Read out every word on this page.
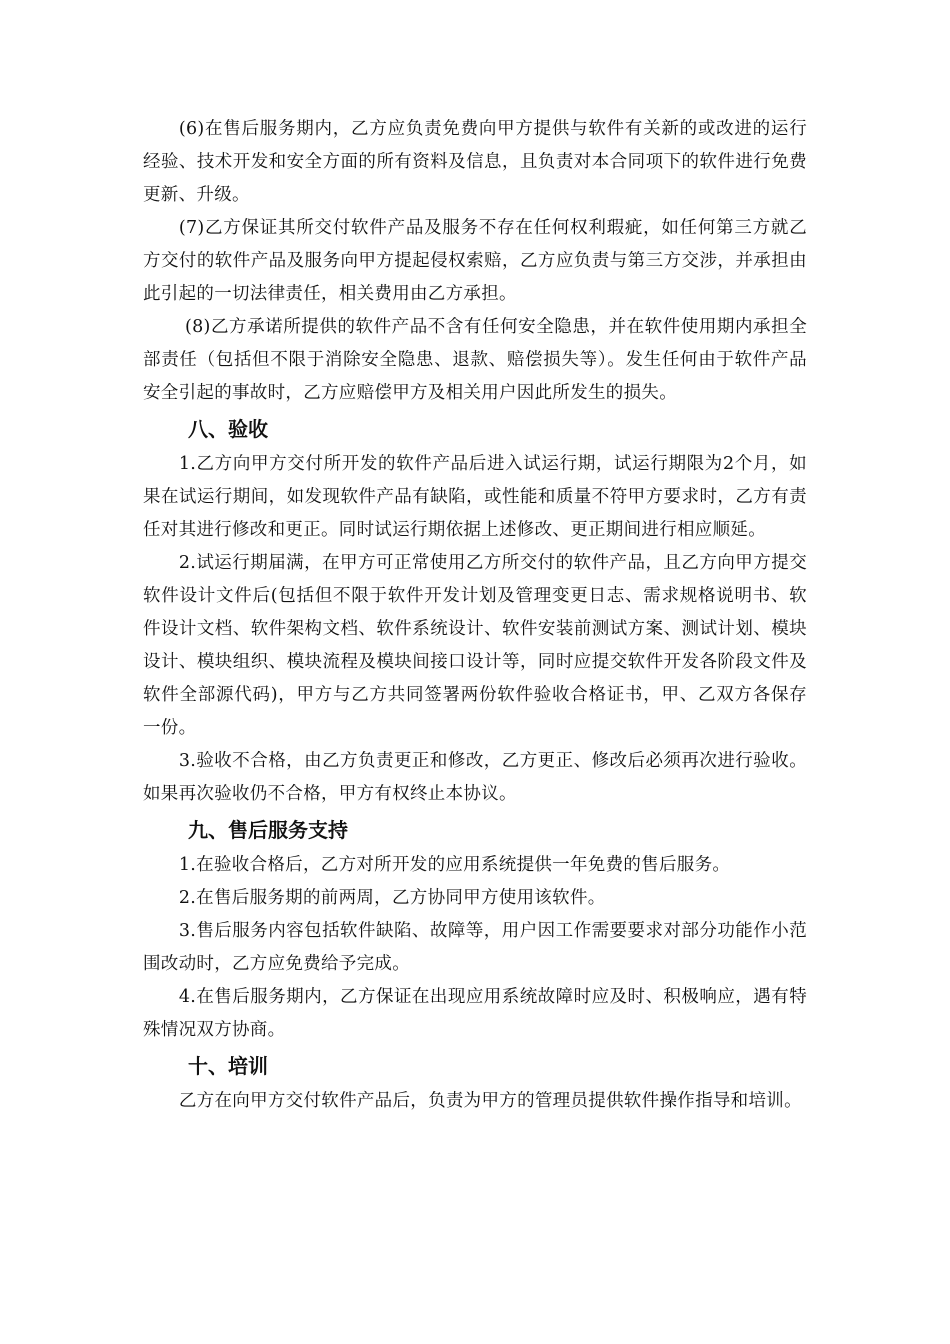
(6)在售后服务期内，乙方应负责免费向甲方提供与软件有关新的或改进的运行经验、技术开发和安全方面的所有资料及信息，且负责对本合同项下的软件进行免费更新、升级。

(7)乙方保证其所交付软件产品及服务不存在任何权利瑕疵，如任何第三方就乙方交付的软件产品及服务向甲方提起侵权索赔，乙方应负责与第三方交涉，并承担由此引起的一切法律责任，相关费用由乙方承担。

(8)乙方承诺所提供的软件产品不含有任何安全隐患，并在软件使用期内承担全部责任（包括但不限于消除安全隐患、退款、赔偿损失等）。发生任何由于软件产品安全引起的事故时，乙方应赔偿甲方及相关用户因此所发生的损失。

八、验收

1.乙方向甲方交付所开发的软件产品后进入试运行期，试运行期限为2个月，如果在试运行期间，如发现软件产品有缺陷，或性能和质量不符甲方要求时，乙方有责任对其进行修改和更正。同时试运行期依据上述修改、更正期间进行相应顺延。

2.试运行期届满，在甲方可正常使用乙方所交付的软件产品，且乙方向甲方提交软件设计文件后(包括但不限于软件开发计划及管理变更日志、需求规格说明书、软件设计文档、软件架构文档、软件系统设计、软件安装前测试方案、测试计划、模块设计、模块组织、模块流程及模块间接口设计等，同时应提交软件开发各阶段文件及软件全部源代码)，甲方与乙方共同签署两份软件验收合格证书，甲、乙双方各保存一份。

3.验收不合格，由乙方负责更正和修改，乙方更正、修改后必须再次进行验收。如果再次验收仍不合格，甲方有权终止本协议。

九、售后服务支持

1.在验收合格后，乙方对所开发的应用系统提供一年免费的售后服务。

2.在售后服务期的前两周，乙方协同甲方使用该软件。

3.售后服务内容包括软件缺陷、故障等，用户因工作需要要求对部分功能作小范围改动时，乙方应免费给予完成。

4.在售后服务期内，乙方保证在出现应用系统故障时应及时、积极响应，遇有特殊情况双方协商。

十、培训

乙方在向甲方交付软件产品后，负责为甲方的管理员提供软件操作指导和培训。
